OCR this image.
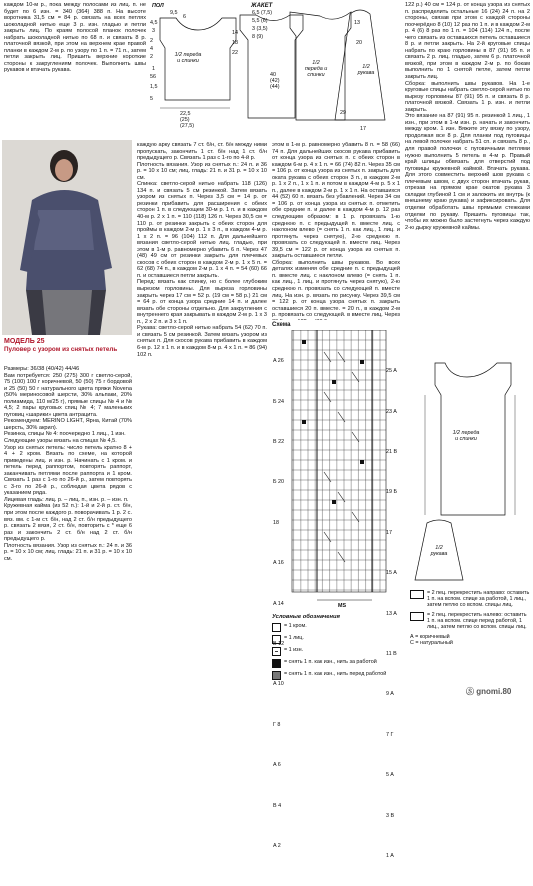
ПОЛ	ЖАКЕТ
1/2 переда и спинки	1/2 переда и спинки
1/2 рукава
9,5
6
4,5
3
2
4
2
1
14
18
22
1,5
56
5
22,5
(25)
(27,5)
6,5 (7,5)
5,5 (6)
3 (3,5)
8 (9)
40
(42)
(44)
13
20
29
17
каждом 10-м р., пока между полосами из лиц. п. не будет по 6 изн. = 340 (364) 388 п. На высоте воротника 31,5 см = 84 р. связать на всех петлях шоколадной нитью еще 3 р. изн. гладью и петли закрыть лиц. По краям полосой планок полочек набрать шоколадной нитью по 68 п. и связать 8 р. платочной вязкой, при этом на верхнем крае правой планки в каждом 2-м р. по узору по 1 п. = 71 п., затем петли закрыть лиц. Пришить верхние короткие стороны к закруглениям полочек. Выполнить швы рукавов и втачать рукава.
122 р.) 40 см = 124 р. от конца узора из снятых п. распределить остальные 16 (24) 24 п. на 2 стороны, связав при этом с каждой стороны поочерёдно 8 (10) 12 раз по 1 п. и в каждом 2-м р. 4 (6) 8 раз по 1 п. = 104 (114) 124 п., после чего связать из оставшихся петель оставшиеся 8 р. и петли закрыть. На 2-й круговые спицы набрать по краю горловины в 87 (91) 95 п. и связать 2 р. лиц. гладью, затем 6 р. платочной вязкой, при этом в каждом 2-м р. по бокам выполнить по 1 снятой петле, затем петли закрыть лиц.
Сборка: выполнить швы рукавов. На 1-е круговые спицы набрать светло-серой нитью по вырезу горловины 87 (91) 95 п. и связать 8 р. платочной вязкой. Связать 1 р. изн. и петли закрыть.
Это вязание на 87 (91) 95 п. резинкой 1 лиц., 1 изн., при этом в 1-м изн. р. начать и закончить между кром. 1 изн. Вяжите эту вязку по узору, продолжая все 8 р. Для планки под пуговицы на левой полочке набрать 51 сп. и связать 8 р., для правой полочки с пуговичными петлями нужно выполнить 5 петель в 4-м р. Правый край шлицы обвязать для отверстий под пуговицы кружевной каймой. Втачать рукава. Для этого совместить верхний шов рукава с плечевым швом, с двух сторон втачать рукав, отрезав на прямом крае окатов рукава 3 складки глубиной 1 см и заложить их внутрь (к внешнему краю рукава) и зафиксировать. Для отделки обработать швы прямыми стежками отделки по рукаву. Пришить пуговицы так, чтобы их можно было застегнуть через каждую 2-ю дырку кружевной каймы.
МОДЕЛЬ 25
Пуловер с узором из снятых петель
Размеры: 36/38 (40/42) 44/46
Вам потребуется: 250 (275) 300 г светло-серой, 75 (100) 100 г коричневой, 50 (50) 75 г бордовой и 25 (50) 50 г натурального цвета пряжи Novena (50% мериносовой шерсти, 30% альпаки, 20% полиамида, 110 м/25 г), прямые спицы № 4 и № 4,5; 2 пары круговых спиц № 4; 7 маленьких пуговиц «шарики» цвета антрацита.
Рекомендуем: MERINO LIGHT, Ярна, Китай (70% шерсть, 30% акрил).
Резинка, спицы № 4: поочередно 1 лиц., 1 изн.
Следующие узоры вязать на спицах № 4,5.
Узор из снятых петель: число петель кратно 8 + 4 + 2 кром. Вязать по схеме, на которой приведены лиц. и изн. р. Начинать с 1 кром. и петель перед раппортом, повторять раппорт, заканчивать петлями после раппорта и 1 кром. Связать 1 раз с 1-го по 26-й р., затем повторять с 3-го по 26-й р., соблюдая цвета рядов с указанием ряда.
Лицевая гладь: лиц. р. – лиц. п., изн. р. – изн. п.
Кружевная кайма (из 52 п.): 1-й и 2-й р. ст. б/н, при этом после каждого р. поворачивать 1 р. 2 с. вяз. вм. с 1-м ст. б/н, над 2 ст. б/н предыдущего р. связать 2 вязя, 2 ст. б/н, повторить с * еще 6 раз и закончить 2 ст. б/н над 2 ст. б/н предыдущего р.
Плотность вязания. Узор из снятых п.: 24 п. и 36 р. = 10 х 10 см; лиц. гладь: 21 п. и 31 р. = 10 х 10 см.
каждую арку связать 7 ст. б/н, ст. б/н между ними пропускать, закончить 1 ст. б/н над 1 ст. б/н предыдущего р. Связать 1 раз с 1-го по 4-й р.
Плотность вязания. Узор из снятых п.: 24 п. и 36 р. = 10 х 10 см; лиц. гладь: 21 п. и 31 р. = 10 х 10 см.
Спинка: светло-серой нитью набрать 118 (126) 134 п. и связать 5 см резинкой. Затем вязать узором из снятых п. Через 3,5 см = 14 р. от резинки прибавить для расширения с обеих сторон 1 п. в следующем 30-м р. 1 п. и в каждом 40-м р. 2 х 1 п. = 110 (118) 126 п. Через 30,5 см = 110 р. от резинки закрыть с обеих сторон для проймы в каждом 2-м р. 1 х 3 п., в каждом 4-м р. 1 х 2 п. = 96 (104) 112 п. Для дальнейшего вязания светло-серой нитью лиц. гладью, при этом в 1-м р. равномерно убавить 6 п. Через 47 (48) 49 см от резинки закрыть для плечевых скосов с обеих сторон в каждом 2-м р. 1 х 5 п. = 62 (68) 74 п., в каждом 2-м р. 1 х 4 п. = 54 (60) 66 п. и оставшиеся петли закрыть.
Перед: вязать как спинку, но с более глубоким вырезом горловины. Для выреза горловины закрыть через 17 см = 52 р. (19 см = 58 р.) 21 см = 64 р. от конца узора средние 14 п. и далее вязать обе стороны отдельно. Для закругления с внутреннего края закрывать в каждом 2-м р. 1 х 3 п., 2 х 2 п. и 3 х 1 п.
Рукава: светло-серой нитью набрать 54 (62) 70 п. и связать 5 см резинкой. Затем вязать узором из снятых п. Для скосов рукава прибавить в каждом 6-м р. 12 х 1 п. и в каждом 8-м р. 4 х 1 п. = 86 (94) 102 п.
этом в 1-м р. равномерно убавить 8 п. = 58 (66) 74 п. Для дальнейших скосов рукава прибавить от конца узора из снятых п. с обеих сторон в каждом 6-м р. 4 х 1 п. = 66 (74) 82 п. Через 35 см = 106 р. от конца узора из снятых п. закрыть для оката рукава с обеих сторон 3 п., в каждом 2-м р. 1 х 2 п., 1 х 1 п. и потом в каждом 4-м р. 5 х 1 п., далее в каждом 2-м р. 1 х 1 п. На оставшихся 44 (52) 60 п. вязать без убавлений. Через 34 см = 106 р. от конца узора из снятых п. отметить обе средние п. и далее в каждом 4-м р. 12 раз следующим образом: в 1 р. провязать 1-ю среднюю п. с предыдущей п. вместе лиц. с наклоном влево (= снять 1 п. как лиц., 1 лиц. и протянуть через снятую), 2-ю среднюю п. провязать со следующей п. вместе лиц. Через 39,5 см = 122 р. от конца узора из снятых п. закрыть оставшиеся петли.
Сборка: выполнить швы рукавов. Во всех деталях изменяя обе средние п. с предыдущей п. вместе лиц. с наклоном влево (= снять 1 п. как лиц., 1 лиц. и протянуть через снятую), 2-ю среднюю п. провязать со следующей п. вместе лиц. На изн. р. вязать по рисунку. Через 39,5 см = 122 р. от конца узора снятых п. закрыть оставшиеся 20 п. вместе. = 20 п., в каждом 2-м р. провязать со следующей. в вместе лиц. Через
Схема

A 26

Б 24

B 22

Б 20

18

A 16

A 14

B 12

A 10

Г 8

A 6

B 4

A 2

25 A

23 A

21 B

19 Б

17

15 A

13 A

11 B

9 A

7 Г

5 A

3 B

1 A

MS
Условные обозначения
= 1 кром.
= 1 лиц.
= 1 изн.
= снять 1 п. как изн., нить за работой
= снять 1 п. как изн., нить перед работой
1/2 переда и спинки
1/2 рукава
= 2 пец. перекрестить направо: оставить 1 п. на вспом. спице за работой, 1 лиц., затем петлю со вспом. спицы лиц.
= 2 пец. перекрестить налево: оставить 1 п. на вспом. спице перед работой, 1 лиц., затем петлю со вспом. спицы лиц.
А = коричневый
C = натуральный
Ⓢ gnomi.80
